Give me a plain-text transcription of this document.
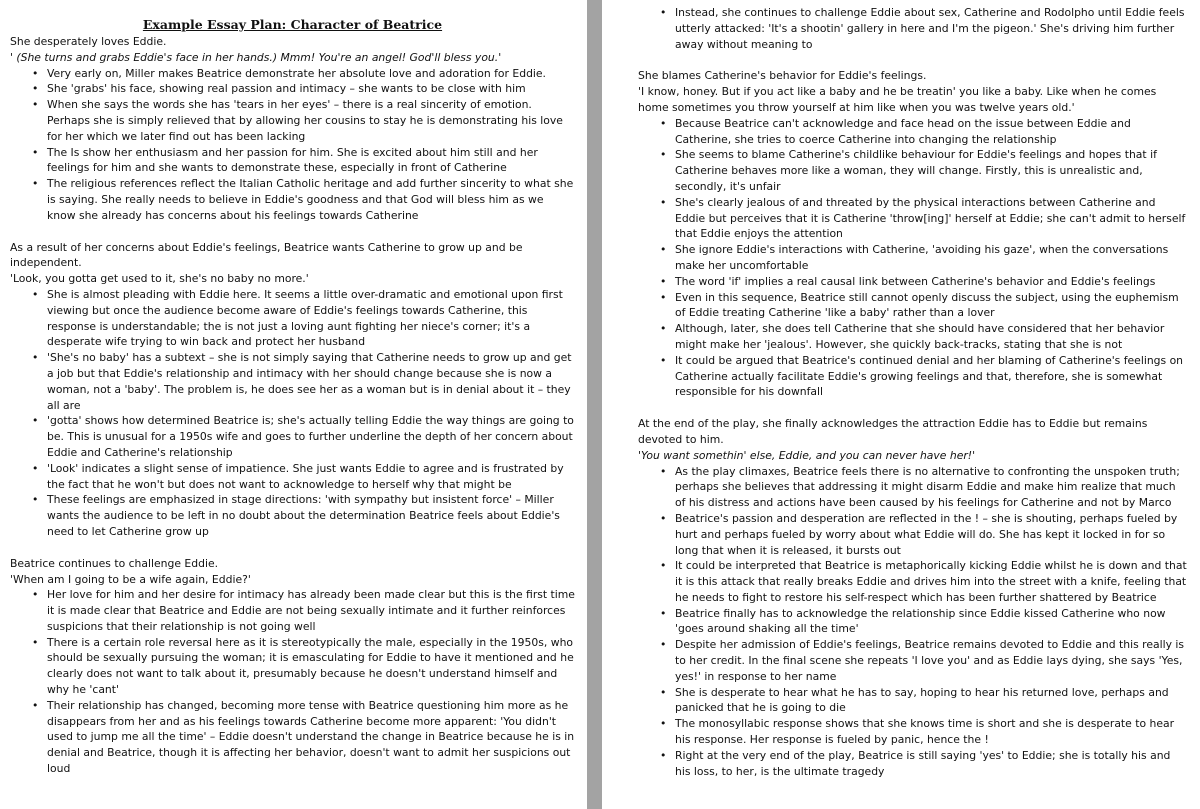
Example Essay Plan: Character of Beatrice

She desperately loves Eddie.

' (She turns and grabs Eddie's face in her hands.) Mmm! You're an angel! God'll bless you.'

• Very early on, Miller makes Beatrice demonstrate her absolute love and adoration for Eddie.
• She 'grabs' his face, showing real passion and intimacy – she wants to be close with him
• When she says the words she has 'tears in her eyes' – there is a real sincerity of emotion. Perhaps she is simply relieved that by allowing her cousins to stay he is demonstrating his love for her which we later find out has been lacking
• The Is show her enthusiasm and her passion for him. She is excited about him still and her feelings for him and she wants to demonstrate these, especially in front of Catherine
• The religious references reflect the Italian Catholic heritage and add further sincerity to what she is saying. She really needs to believe in Eddie's goodness and that God will bless him as we know she already has concerns about his feelings towards Catherine

As a result of her concerns about Eddie's feelings, Beatrice wants Catherine to grow up and be independent.

'Look, you gotta get used to it, she's no baby no more.'

• She is almost pleading with Eddie here. It seems a little over-dramatic and emotional upon first viewing but once the audience become aware of Eddie's feelings towards Catherine, this response is understandable; the is not just a loving aunt fighting her niece's corner; it's a desperate wife trying to win back and protect her husband
• 'She's no baby' has a subtext – she is not simply saying that Catherine needs to grow up and get a job but that Eddie's relationship and intimacy with her should change because she is now a woman, not a 'baby'. The problem is, he does see her as a woman but is in denial about it – they all are
• 'gotta' shows how determined Beatrice is; she's actually telling Eddie the way things are going to be. This is unusual for a 1950s wife and goes to further underline the depth of her concern about Eddie and Catherine's relationship
• 'Look' indicates a slight sense of impatience. She just wants Eddie to agree and is frustrated by the fact that he won't but does not want to acknowledge to herself why that might be
• These feelings are emphasized in stage directions: 'with sympathy but insistent force' – Miller wants the audience to be left in no doubt about the determination Beatrice feels about Eddie's need to let Catherine grow up

Beatrice continues to challenge Eddie.

'When am I going to be a wife again, Eddie?'

• Her love for him and her desire for intimacy has already been made clear but this is the first time it is made clear that Beatrice and Eddie are not being sexually intimate and it further reinforces suspicions that their relationship is not going well
• There is a certain role reversal here as it is stereotypically the male, especially in the 1950s, who should be sexually pursuing the woman; it is emasculating for Eddie to have it mentioned and he clearly does not want to talk about it, presumably because he doesn't understand himself and why he 'cant'
• Their relationship has changed, becoming more tense with Beatrice questioning him more as he disappears from her and as his feelings towards Catherine become more apparent: 'You didn't used to jump me all the time' – Eddie doesn't understand the change in Beatrice because he is in denial and Beatrice, though it is affecting her behavior, doesn't want to admit her suspicions out loud
• Instead, she continues to challenge Eddie about sex, Catherine and Rodolpho until Eddie feels utterly attacked: 'It's a shootin' gallery in here and I'm the pigeon.' She's driving him further away without meaning to

She blames Catherine's behavior for Eddie's feelings.

'I know, honey. But if you act like a baby and he be treatin' you like a baby. Like when he comes home sometimes you throw yourself at him like when you was twelve years old.'

• Because Beatrice can't acknowledge and face head on the issue between Eddie and Catherine, she tries to coerce Catherine into changing the relationship
• She seems to blame Catherine's childlike behaviour for Eddie's feelings and hopes that if Catherine behaves more like a woman, they will change. Firstly, this is unrealistic and, secondly, it's unfair
• She's clearly jealous of and threated by the physical interactions between Catherine and Eddie but perceives that it is Catherine 'throw[ing]' herself at Eddie; she can't admit to herself that Eddie enjoys the attention
• She ignore Eddie's interactions with Catherine, 'avoiding his gaze', when the conversations make her uncomfortable
• The word 'if' implies a real causal link between Catherine's behavior and Eddie's feelings
• Even in this sequence, Beatrice still cannot openly discuss the subject, using the euphemism of Eddie treating Catherine 'like a baby' rather than a lover
• Although, later, she does tell Catherine that she should have considered that her behavior might make her 'jealous'. However, she quickly back-tracks, stating that she is not
• It could be argued that Beatrice's continued denial and her blaming of Catherine's feelings on Catherine actually facilitate Eddie's growing feelings and that, therefore, she is somewhat responsible for his downfall

At the end of the play, she finally acknowledges the attraction Eddie has to Eddie but remains devoted to him.

'You want somethin' else, Eddie, and you can never have her!'

• As the play climaxes, Beatrice feels there is no alternative to confronting the unspoken truth; perhaps she believes that addressing it might disarm Eddie and make him realize that much of his distress and actions have been caused by his feelings for Catherine and not by Marco
• Beatrice's passion and desperation are reflected in the ! – she is shouting, perhaps fueled by hurt and perhaps fueled by worry about what Eddie will do. She has kept it locked in for so long that when it is released, it bursts out
• It could be interpreted that Beatrice is metaphorically kicking Eddie whilst he is down and that it is this attack that really breaks Eddie and drives him into the street with a knife, feeling that he needs to fight to restore his self-respect which has been further shattered by Beatrice
• Beatrice finally has to acknowledge the relationship since Eddie kissed Catherine who now 'goes around shaking all the time'
• Despite her admission of Eddie's feelings, Beatrice remains devoted to Eddie and this really is to her credit. In the final scene she repeats 'I love you' and as Eddie lays dying, she says 'Yes, yes!' in response to her name
• She is desperate to hear what he has to say, hoping to hear his returned love, perhaps and panicked that he is going to die
• The monosyllabic response shows that she knows time is short and she is desperate to hear his response. Her response is fueled by panic, hence the !
• Right at the very end of the play, Beatrice is still saying 'yes' to Eddie; she is totally his and his loss, to her, is the ultimate tragedy
